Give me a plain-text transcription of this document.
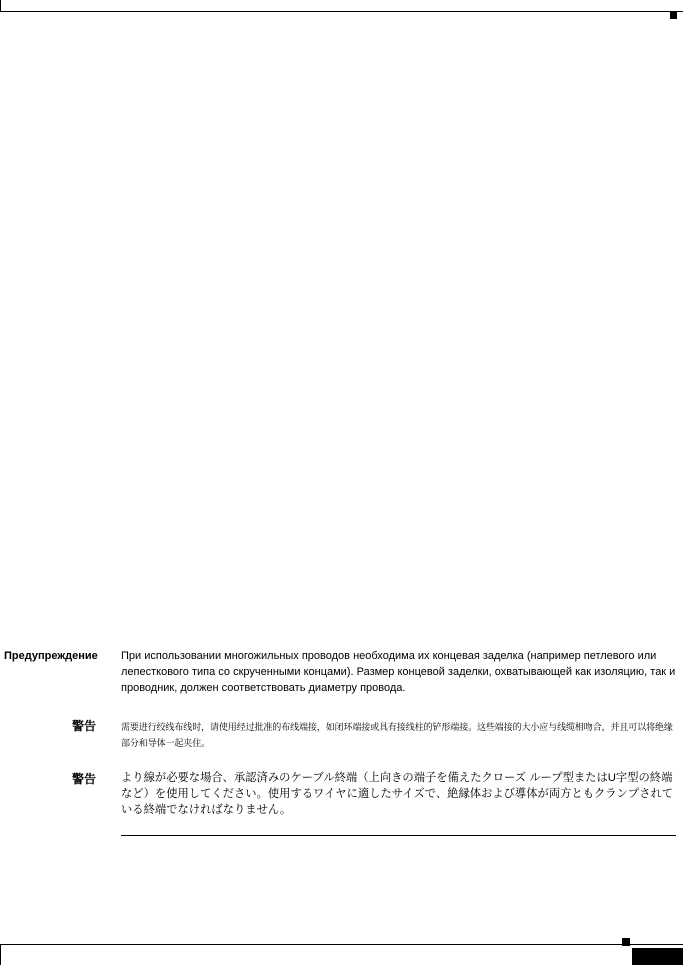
Предупреждение При использовании многожильных проводов необходима их концевая заделка (например петлевого или лепесткового типа со скрученными концами). Размер концевой заделки, охватывающей как изоляцию, так и проводник, должен соответствовать диаметру провода.
警告	需要进行绞线布线时，请使用经过批准的布线端接，如闭环端接或具有接线柱的铲形端接。这些端接的大小应与线缆相吻合，并且可以将绝缘部分和导体一起夹住。
警告 より線が必要な場合、承認済みのケーブル終端（上向きの端子を備えたクローズ ループ型またはU字型の終端など）を使用してください。使用するワイヤに適したサイズで、絶縁体および導体が両方ともクランプされている終端でなければなりません。
